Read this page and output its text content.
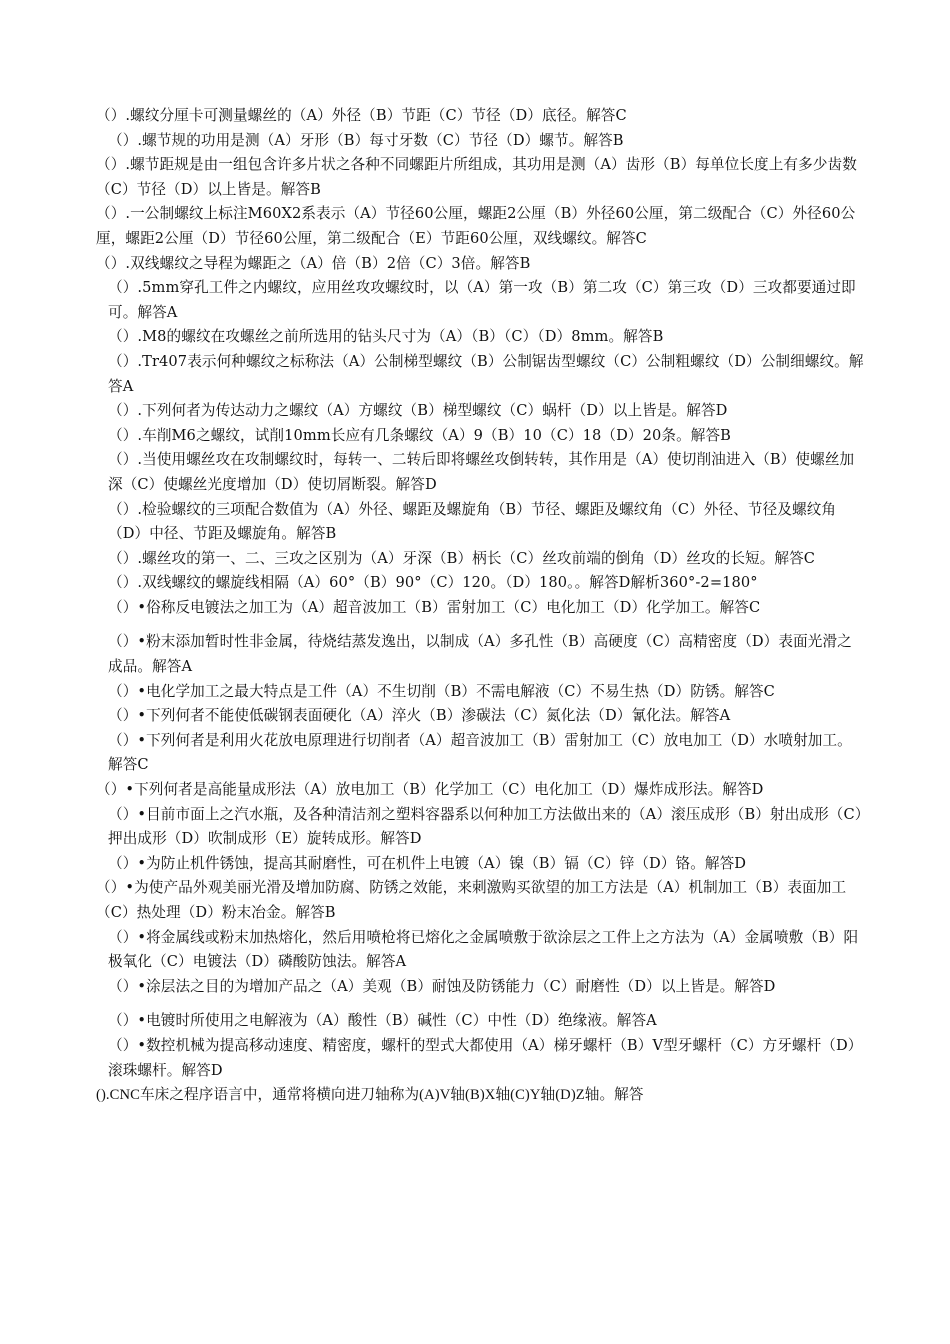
（）.螺纹分厘卡可测量螺丝的（A）外径（B）节距（C）节径（D）底径。解答C

（）.螺节规的功用是测（A）牙形（B）每寸牙数（C）节径（D）螺节。解答B

（）.螺节距规是由一组包含许多片状之各种不同螺距片所组成，其功用是测（A）齿形（B）每单位长度上有多少齿数（C）节径（D）以上皆是。解答B

（）.一公制螺纹上标注M60X2系表示（A）节径60公厘，螺距2公厘（B）外径60公厘，第二级配合（C）外径60公厘，螺距2公厘（D）节径60公厘，第二级配合（E）节距60公厘，双线螺纹。解答C

（）.双线螺纹之导程为螺距之（A）倍（B）2倍（C）3倍。解答B

（）.5mm穿孔工件之内螺纹，应用丝攻攻螺纹时，以（A）第一攻（B）第二攻（C）第三攻（D）三攻都要通过即可。解答A

（）.M8的螺纹在攻螺丝之前所选用的钻头尺寸为（A）（B）（C）（D）8mm。解答B

（）.Tr407表示何种螺纹之标称法（A）公制梯型螺纹（B）公制锯齿型螺纹（C）公制粗螺纹（D）公制细螺纹。解答A

（）.下列何者为传达动力之螺纹（A）方螺纹（B）梯型螺纹（C）蜗杆（D）以上皆是。解答D

（）.车削M6之螺纹，试削10mm长应有几条螺纹（A）9（B）10（C）18（D）20条。解答B

（）.当使用螺丝攻在攻制螺纹时，每转一、二转后即将螺丝攻倒转转，其作用是（A）使切削油进入（B）使螺丝加深（C）使螺丝光度增加（D）使切屑断裂。解答D

（）.检验螺纹的三项配合数值为（A）外径、螺距及螺旋角（B）节径、螺距及螺纹角（C）外径、节径及螺纹角（D）中径、节距及螺旋角。解答B

（）.螺丝攻的第一、二、三攻之区别为（A）牙深（B）柄长（C）丝攻前端的倒角（D）丝攻的长短。解答C

（）.双线螺纹的螺旋线相隔（A）60°（B）90°（C）120。（D）180。。解答D解析360°-2=180°

（）•俗称反电镀法之加工为（A）超音波加工（B）雷射加工（C）电化加工（D）化学加工。解答C

（）•粉末添加暂时性非金属，待烧结蒸发逸出，以制成（A）多孔性（B）高硬度（C）高精密度（D）表面光滑之成品。解答A

（）•电化学加工之最大特点是工件（A）不生切削（B）不需电解液（C）不易生热（D）防锈。解答C

（）•下列何者不能使低碳钢表面硬化（A）淬火（B）渗碳法（C）氮化法（D）氰化法。解答A

（）•下列何者是利用火花放电原理进行切削者（A）超音波加工（B）雷射加工（C）放电加工（D）水喷射加工。解答C

（）•下列何者是高能量成形法（A）放电加工（B）化学加工（C）电化加工（D）爆炸成形法。解答D

（）•目前市面上之汽水瓶，及各种清洁剂之塑料容器系以何种加工方法做出来的（A）滚压成形（B）射出成形（C）押出成形（D）吹制成形（E）旋转成形。解答D

（）•为防止机件锈蚀，提高其耐磨性，可在机件上电镀（A）镍（B）镉（C）锌（D）铬。解答D

（）•为使产品外观美丽光滑及增加防腐、防锈之效能，来刺激购买欲望的加工方法是（A）机制加工（B）表面加工（C）热处理（D）粉末冶金。解答B

（）•将金属线或粉末加热熔化，然后用喷枪将已熔化之金属喷敷于欲涂层之工件上之方法为（A）金属喷敷（B）阳极氧化（C）电镀法（D）磷酸防蚀法。解答A

（）•涂层法之目的为增加产品之（A）美观（B）耐蚀及防锈能力（C）耐磨性（D）以上皆是。解答D

（）•电镀时所使用之电解液为（A）酸性（B）碱性（C）中性（D）绝缘液。解答A

（）•数控机械为提高移动速度、精密度，螺杆的型式大都使用（A）梯牙螺杆（B）V型牙螺杆（C）方牙螺杆（D）滚珠螺杆。解答D

().CNC车床之程序语言中，通常将横向进刀轴称为(A)V轴(B)X轴(C)Y轴(D)Z轴。解答
